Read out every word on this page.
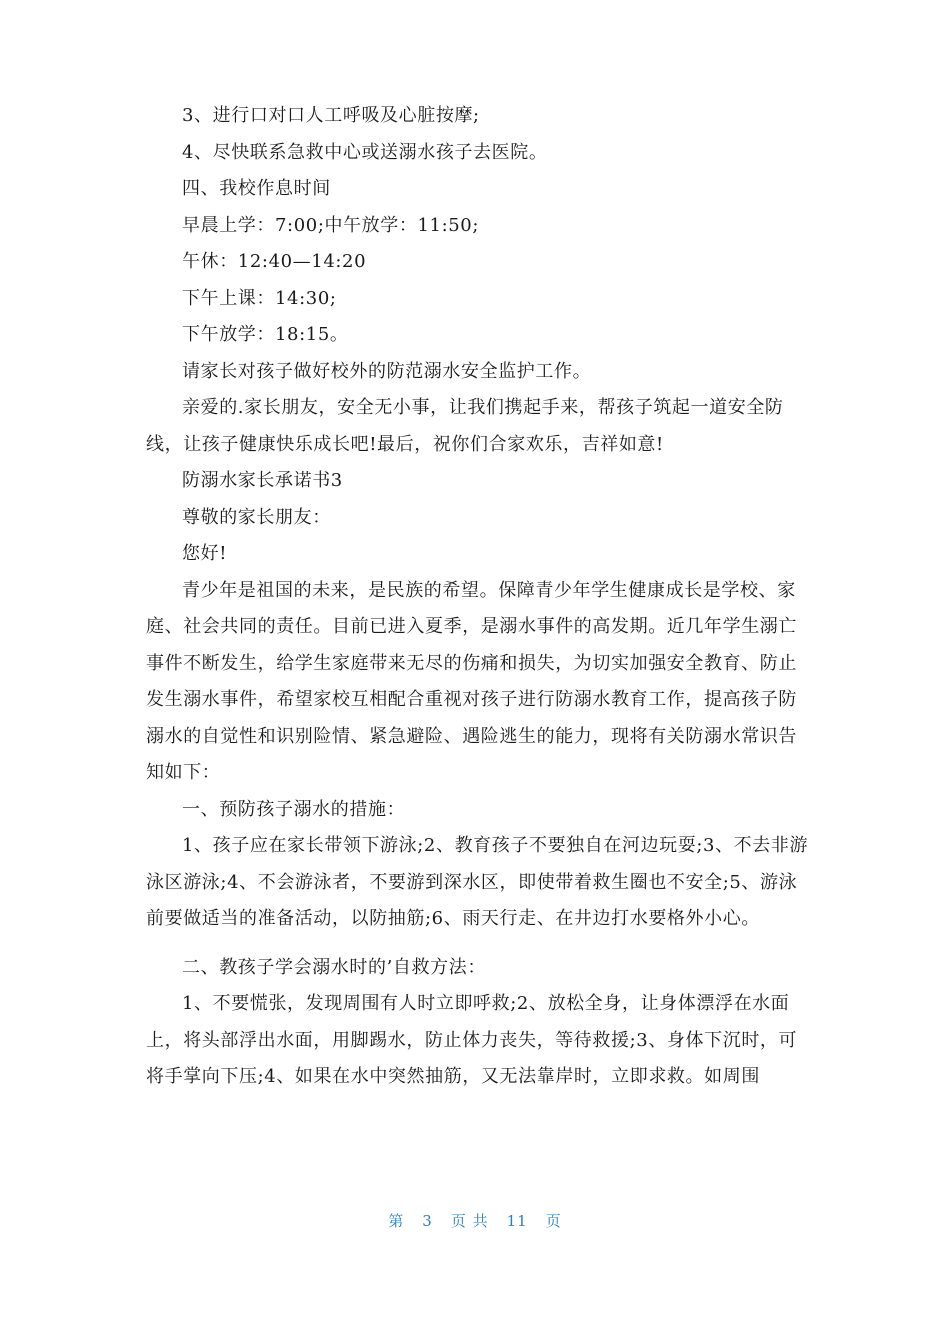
3、进行口对口人工呼吸及心脏按摩;

4、尽快联系急救中心或送溺水孩子去医院。

四、我校作息时间

早晨上学：7:00;中午放学：11:50;

午休：12:40—14:20

下午上课：14:30;

下午放学：18:15。

请家长对孩子做好校外的防范溺水安全监护工作。

亲爱的.家长朋友，安全无小事，让我们携起手来，帮孩子筑起一道安全防线，让孩子健康快乐成长吧!最后，祝你们合家欢乐，吉祥如意!

防溺水家长承诺书3

尊敬的家长朋友：

您好!

青少年是祖国的未来，是民族的希望。保障青少年学生健康成长是学校、家庭、社会共同的责任。目前已进入夏季，是溺水事件的高发期。近几年学生溺亡事件不断发生，给学生家庭带来无尽的伤痛和损失，为切实加强安全教育、防止发生溺水事件，希望家校互相配合重视对孩子进行防溺水教育工作，提高孩子防溺水的自觉性和识别险情、紧急避险、遇险逃生的能力，现将有关防溺水常识告知如下：

一、预防孩子溺水的措施：

1、孩子应在家长带领下游泳;2、教育孩子不要独自在河边玩耍;3、不去非游泳区游泳;4、不会游泳者，不要游到深水区，即使带着救生圈也不安全;5、游泳前要做适当的准备活动，以防抽筋;6、雨天行走、在井边打水要格外小心。

二、教孩子学会溺水时的’自救方法：

1、不要慌张，发现周围有人时立即呼救;2、放松全身，让身体漂浮在水面上，将头部浮出水面，用脚踢水，防止体力丧失，等待救援;3、身体下沉时，可将手掌向下压;4、如果在水中突然抽筋，又无法靠岸时，立即求救。如周围

第 3 页 共 11 页
